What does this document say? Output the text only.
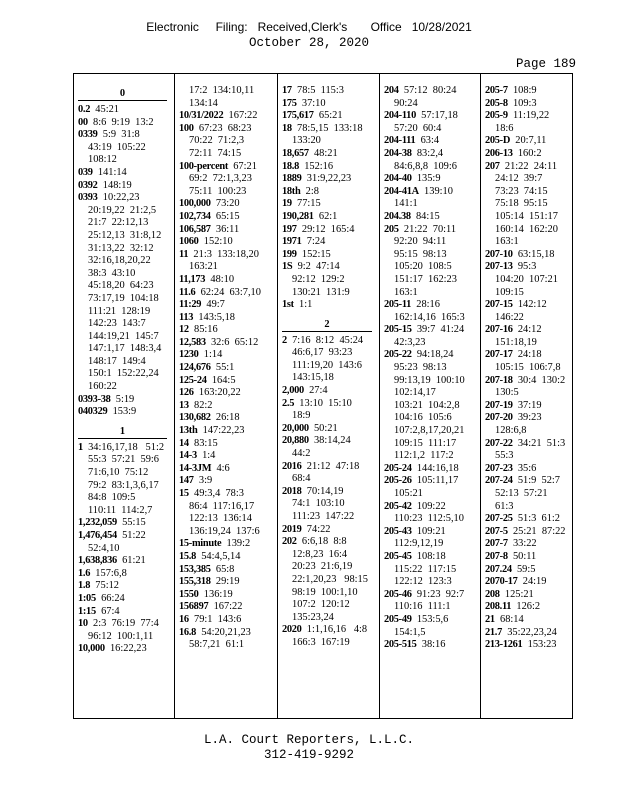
Electronic     Filing:   Received,Clerk's       Office   10/28/2021
October 28, 2020
Page 189
0
0.2
45:21
00
8:6  9:19  13:2
0339
5:9  31:8
43:19  105:22
108:12
039
141:14
0392
148:19
0393
10:22,23
20:19,22  21:2,5
21:7  22:12,13
25:12,13  31:8,12
31:13,22  32:12
32:16,18,20,22
38:3  43:10
45:18,20  64:23
73:17,19  104:18
111:21  128:19
142:23  143:7
144:19,21  145:7
147:1,17  148:3,4
148:17  149:4
150:1  152:22,24
160:22
0393-38
5:19
040329
153:9
1
1
34:16,17,18   51:2
55:3  57:21  59:6
71:6,10  75:12
79:2  83:1,3,6,17
84:8  109:5
110:11  114:2,7
1,232,059
55:15
1,476,454
51:22
52:4,10
1,638,836
61:21
1.6
157:6,8
1.8
75:12
1:05
66:24
1:15
67:4
10
2:3  76:19  77:4
96:12  100:1,11
10,000
16:22,23
17:2  134:10,11
134:14
10/31/2022
167:22
100
67:23  68:23
70:22  71:2,3
72:11  74:15
100-percent
67:21
69:2  72:1,3,23
75:11  100:23
100,000
73:20
102,734
65:15
106,587
36:11
1060
152:10
11
21:3  133:18,20
163:21
11,173
48:10
11.6
62:24  63:7,10
11:29
49:7
113
143:5,18
12
85:16
12,583
32:6  65:12
1230
1:14
124,676
55:1
125-24
164:5
126
163:20,22
13
82:2
130,682
26:18
13th
147:22,23
14
83:15
14-3
1:4
14-3JM
4:6
147
3:9
15
49:3,4  78:3
86:4  117:16,17
122:13  136:14
136:19,24  137:6
15-minute
139:2
15.8
54:4,5,14
153,385
65:8
155,318
29:19
1550
136:19
156897
167:22
16
79:1  143:6
16.8
54:20,21,23
58:7,21  61:1
17
78:5  115:3
175
37:10
175,617
65:21
18
78:5,15  133:18
133:20
18,657
48:21
18.8
152:16
1889
31:9,22,23
18th
2:8
19
77:15
190,281
62:1
197
29:12  165:4
1971
7:24
199
152:15
1S
9:2  47:14
92:12  129:2
130:21  131:9
1st
1:1
2
2
7:16  8:12  45:24
46:6,17  93:23
111:19,20  143:6
143:15,18
2,000
27:4
2.5
13:10  15:10
18:9
20,000
50:21
20,880
38:14,24
44:2
2016
21:12  47:18
68:4
2018
70:14,19
74:1  103:10
111:23  147:22
2019
74:22
202
6:6,18  8:8
12:8,23  16:4
20:23  21:6,19
22:1,20,23   98:15
98:19  100:1,10
107:2  120:12
135:23,24
2020
1:1,16,16   4:8
166:3  167:19
204
57:12  80:24
90:24
204-110
57:17,18
57:20  60:4
204-111
63:4
204-38
83:2,4
84:6,8,8  109:6
204-40
135:9
204-41A
139:10
141:1
204.38
84:15
205
21:22  70:11
92:20  94:11
95:15  98:13
105:20  108:5
151:17  162:23
163:1
205-11
28:16
162:14,16  165:3
205-15
39:7  41:24
42:3,23
205-22
94:18,24
95:23  98:13
99:13,19  100:10
102:14,17
103:21  104:2,8
104:16  105:6
107:2,8,17,20,21
109:15  111:17
112:1,2  117:2
205-24
144:16,18
205-26
105:11,17
105:21
205-42
109:22
110:23  112:5,10
205-43
109:21
112:9,12,19
205-45
108:18
115:22  117:15
122:12  123:3
205-46
91:23  92:7
110:16  111:1
205-49
153:5,6
154:1,5
205-515
38:16
205-7
108:9
205-8
109:3
205-9
11:19,22
18:6
205-D
20:7,11
206-13
160:2
207
21:22  24:11
24:12  39:7
73:23  74:15
75:18  95:15
105:14  151:17
160:14  162:20
163:1
207-10
63:15,18
207-13
95:3
104:20  107:21
109:15
207-15
142:12
146:22
207-16
24:12
151:18,19
207-17
24:18
105:15  106:7,8
207-18
30:4  130:2
130:5
207-19
37:19
207-20
39:23
128:6,8
207-22
34:21  51:3
55:3
207-23
35:6
207-24
51:9  52:7
52:13  57:21
61:3
207-25
51:3  61:2
207-5
25:21  87:22
207-7
33:22
207-8
50:11
207.24
59:5
2070-17
24:19
208
125:21
208.11
126:2
21
68:14
21.7
35:22,23,24
213-1261
153:23
L.A. Court Reporters, L.L.C.
312-419-9292
